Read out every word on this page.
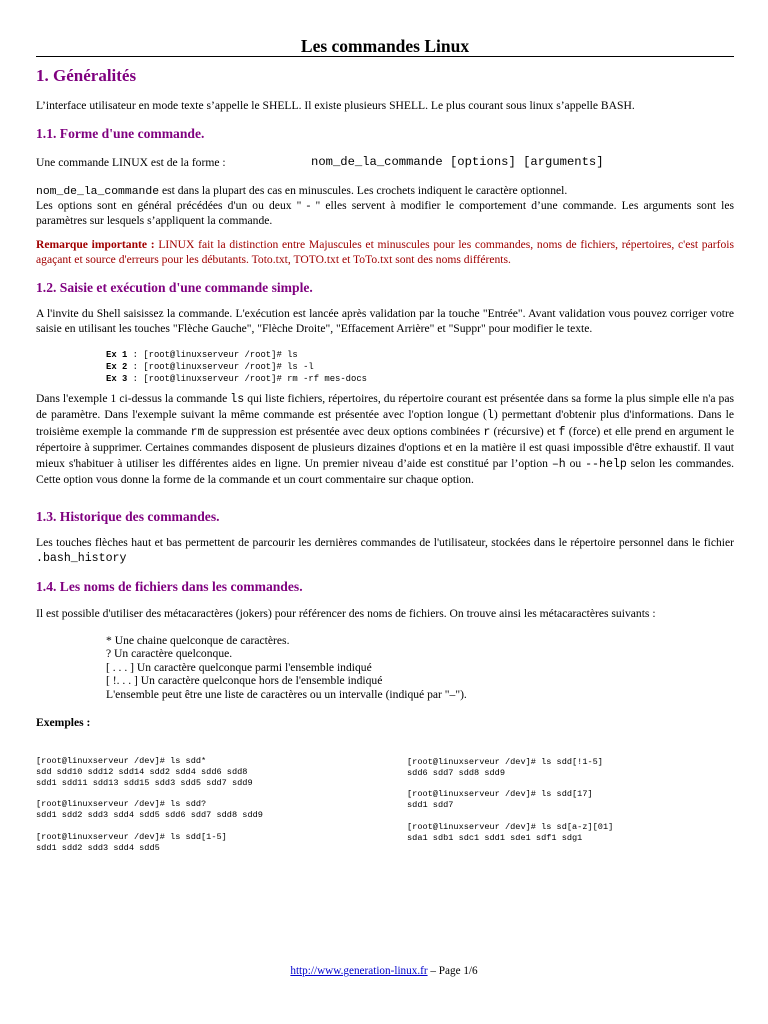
Les commandes Linux
1. Généralités
L’interface utilisateur en mode texte s’appelle le SHELL. Il existe plusieurs SHELL. Le plus courant sous linux s’appelle BASH.
1.1. Forme d'une commande.
Une commande LINUX est de la forme :	nom_de_la_commande [options] [arguments]
nom_de_la_commande est dans la plupart des cas en minuscules. Les crochets indiquent le caractère optionnel.
Les options sont en général précédées d'un ou deux " - " elles servent à modifier le comportement d’une commande. Les arguments sont les paramètres sur lesquels s’appliquent la commande.
Remarque importante : LINUX fait la distinction entre Majuscules et minuscules pour les commandes, noms de fichiers, répertoires, c'est parfois agaçant et source d'erreurs pour les débutants. Toto.txt, TOTO.txt et ToTo.txt sont des noms différents.
1.2. Saisie et exécution d'une commande simple.
A l'invite du Shell saisissez la commande. L'exécution est lancée après validation par la touche "Entrée". Avant validation vous pouvez corriger votre saisie en utilisant les touches "Flèche Gauche", "Flèche Droite", "Effacement Arrière" et "Suppr" pour modifier le texte.
Ex 1 : [root@linuxserveur /root]# ls
Ex 2 : [root@linuxserveur /root]# ls -l
Ex 3 : [root@linuxserveur /root]# rm -rf mes-docs
Dans l'exemple 1 ci-dessus la commande ls qui liste fichiers, répertoires, du répertoire courant est présentée dans sa forme la plus simple elle n'a pas de paramètre. Dans l'exemple suivant la même commande est présentée avec l'option longue (l) permettant d'obtenir plus d'informations. Dans le troisième exemple la commande rm de suppression est présentée avec deux options combinées r (récursive) et f (force) et elle prend en argument le répertoire à supprimer. Certaines commandes disposent de plusieurs dizaines d'options et en la matière il est quasi impossible d'être exhaustif. Il vaut mieux s'habituer à utiliser les différentes aides en ligne. Un premier niveau d’aide est constitué par l’option –h ou --help selon les commandes. Cette option vous donne la forme de la commande et un court commentaire sur chaque option.
1.3. Historique des commandes.
Les touches flèches haut et bas permettent de parcourir les dernières commandes de l'utilisateur, stockées dans le répertoire personnel dans le fichier .bash_history
1.4. Les noms de fichiers dans les commandes.
Il est possible d'utiliser des métacaractères (jokers) pour référencer des noms de fichiers. On trouve ainsi les métacaractères suivants :
* Une chaine quelconque de caractères.
? Un caractère quelconque.
[ . . . ] Un caractère quelconque parmi l'ensemble indiqué
[ !. . . ] Un caractère quelconque hors de l'ensemble indiqué
L'ensemble peut être une liste de caractères ou un intervalle (indiqué par "–").
Exemples :
[root@linuxserveur /dev]# ls sdd*
sdd sdd10 sdd12 sdd14 sdd2 sdd4 sdd6 sdd8
sdd1 sdd11 sdd13 sdd15 sdd3 sdd5 sdd7 sdd9
[root@linuxserveur /dev]# ls sdd?
sdd1 sdd2 sdd3 sdd4 sdd5 sdd6 sdd7 sdd8 sdd9
[root@linuxserveur /dev]# ls sdd[1-5]
sdd1 sdd2 sdd3 sdd4 sdd5
[root@linuxserveur /dev]# ls sdd[!1-5]
sdd6 sdd7 sdd8 sdd9
[root@linuxserveur /dev]# ls sdd[17]
sdd1 sdd7
[root@linuxserveur /dev]# ls sd[a-z][01]
sda1 sdb1 sdc1 sdd1 sde1 sdf1 sdg1
http://www.generation-linux.fr – Page 1/6
